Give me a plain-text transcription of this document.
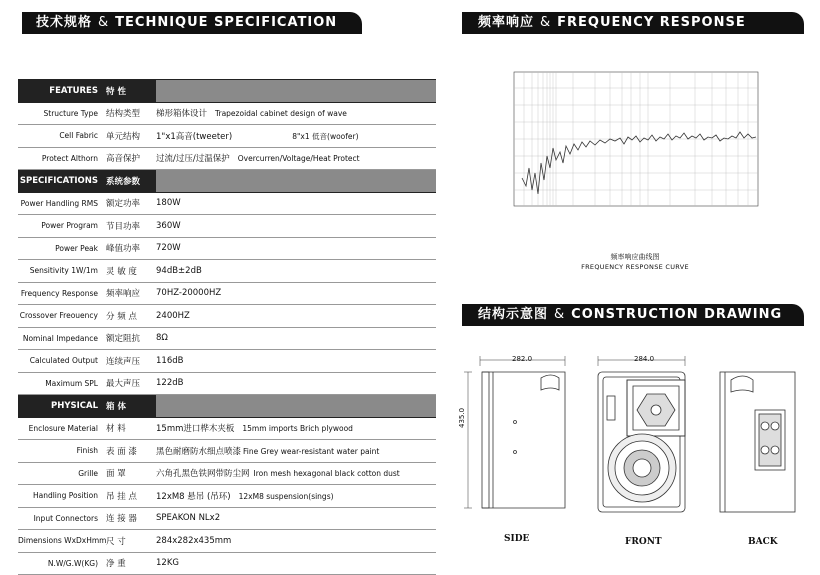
技术规格 & TECHNIQUE SPECIFICATION	频率响应 & FREQUENCY RESPONSE
结构示意图 & CONSTRUCTION DRAWING
FEATURES 特 性
Structure Type 结构类型	梯形箱体设计 Trapezoidal cabinet design of wave
Cell Fabric 单元结构	1"x1高音(tweeter)	8"x1 低音(woofer)
Protect Althorn 高音保护	过流/过压/过温保护 Overcurren/Voltage/Heat Protect
SPECIFICATIONS 系统参数
Power Handling RMS 额定功率	180W
Power Program 节目功率	360W
Power Peak 峰值功率	720W
Sensitivity 1W/1m 灵 敏 度	94dB±2dB
Frequency Response 频率响应	70HZ-20000HZ
Crossover Freouency 分 频 点	2400HZ
Nominal Impedance 额定阻抗	8Ω
Calculated Output 连续声压	116dB
Maximum SPL 最大声压	122dB
PHYSICAL 箱 体
Enclosure Material 材 料	15mm进口桦木夹板 15mm imports Brich plywood
Finish 表 面 漆	黑色耐磨防水细点喷漆 Fine Grey wear-resistant water paint
Grille 面 罩	六角孔黑色铁网带防尘网 Iron mesh hexagonal black cotton dust
Handling Position 吊 挂 点	12xM8 悬吊 (吊环) 12xM8 suspension(sings)
Input Connectors 连 接 器	SPEAKON NLx2
Dimensions WxDxHmm 尺 寸	284x282x435mm
N.W/G.W(KG) 净 重	12KG
频率响应曲线图
FREQUENCY RESPONSE CURVE
282.0	284.0
435.0
SIDE	FRONT	BACK
